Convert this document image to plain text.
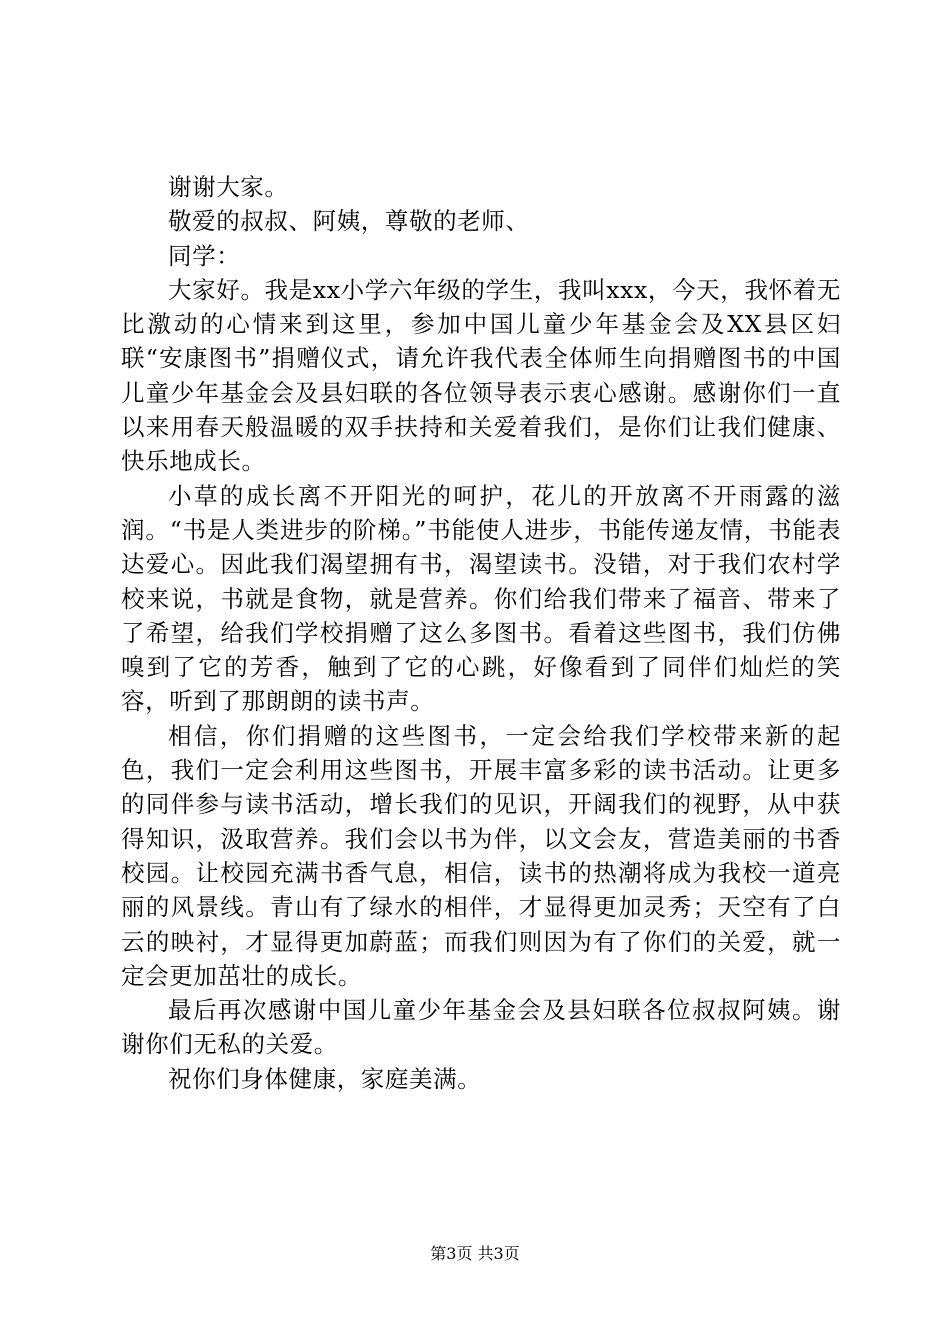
谢谢大家。

敬爱的叔叔、阿姨，尊敬的老师、

同学：

大家好。我是xx小学六年级的学生，我叫xxx，今天，我怀着无比激动的心情来到这里，参加中国儿童少年基金会及XX县区妇联“安康图书”捐赠仪式，请允许我代表全体师生向捐赠图书的中国儿童少年基金会及县妇联的各位领导表示衷心感谢。感谢你们一直以来用春天般温暖的双手扶持和关爱着我们，是你们让我们健康、快乐地成长。

小草的成长离不开阳光的呵护，花儿的开放离不开雨露的滋润。“书是人类进步的阶梯。”书能使人进步，书能传递友情，书能表达爱心。因此我们渴望拥有书，渴望读书。没错，对于我们农村学校来说，书就是食物，就是营养。你们给我们带来了福音、带来了了希望，给我们学校捐赠了这么多图书。看着这些图书，我们仿佛嗅到了它的芳香，触到了它的心跳，好像看到了同伴们灿烂的笑容，听到了那朗朗的读书声。

相信，你们捐赠的这些图书，一定会给我们学校带来新的起色，我们一定会利用这些图书，开展丰富多彩的读书活动。让更多的同伴参与读书活动，增长我们的见识，开阔我们的视野，从中获得知识，汲取营养。我们会以书为伴，以文会友，营造美丽的书香校园。让校园充满书香气息，相信，读书的热潮将成为我校一道亮丽的风景线。青山有了绿水的相伴，才显得更加灵秀；天空有了白云的映衬，才显得更加蔚蓝；而我们则因为有了你们的关爱，就一定会更加茁壮的成长。

最后再次感谢中国儿童少年基金会及县妇联各位叔叔阿姨。谢谢你们无私的关爱。

祝你们身体健康，家庭美满。

第3页 共3页
